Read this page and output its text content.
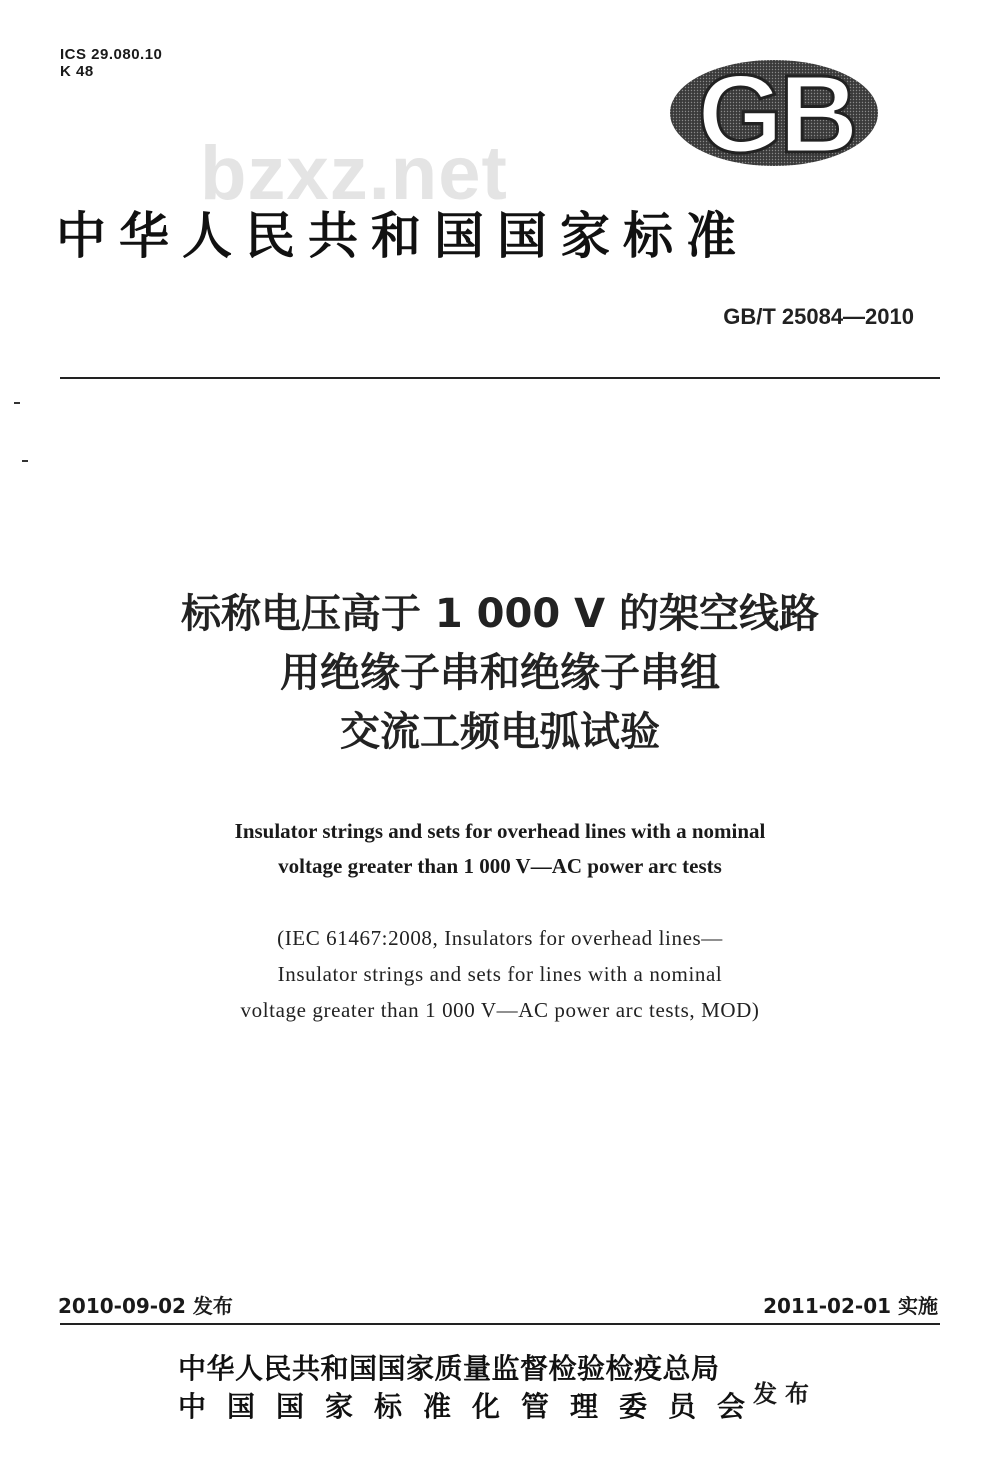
ICS 29.080.10
K 48	GB
bzxz.net
中华人民共和国国家标准
GB/T 25084—2010
标称电压高于 1 000 V 的架空线路
用绝缘子串和绝缘子串组
交流工频电弧试验
Insulator strings and sets for overhead lines with a nominal
voltage greater than 1 000 V—AC power arc tests
(IEC 61467:2008, Insulators for overhead lines—
Insulator strings and sets for lines with a nominal
voltage greater than 1 000 V—AC power arc tests, MOD)
2010-09-02 发布	2011-02-01 实施
中华人民共和国国家质量监督检验检疫总局
中国国家标准化管理委员会
发布
